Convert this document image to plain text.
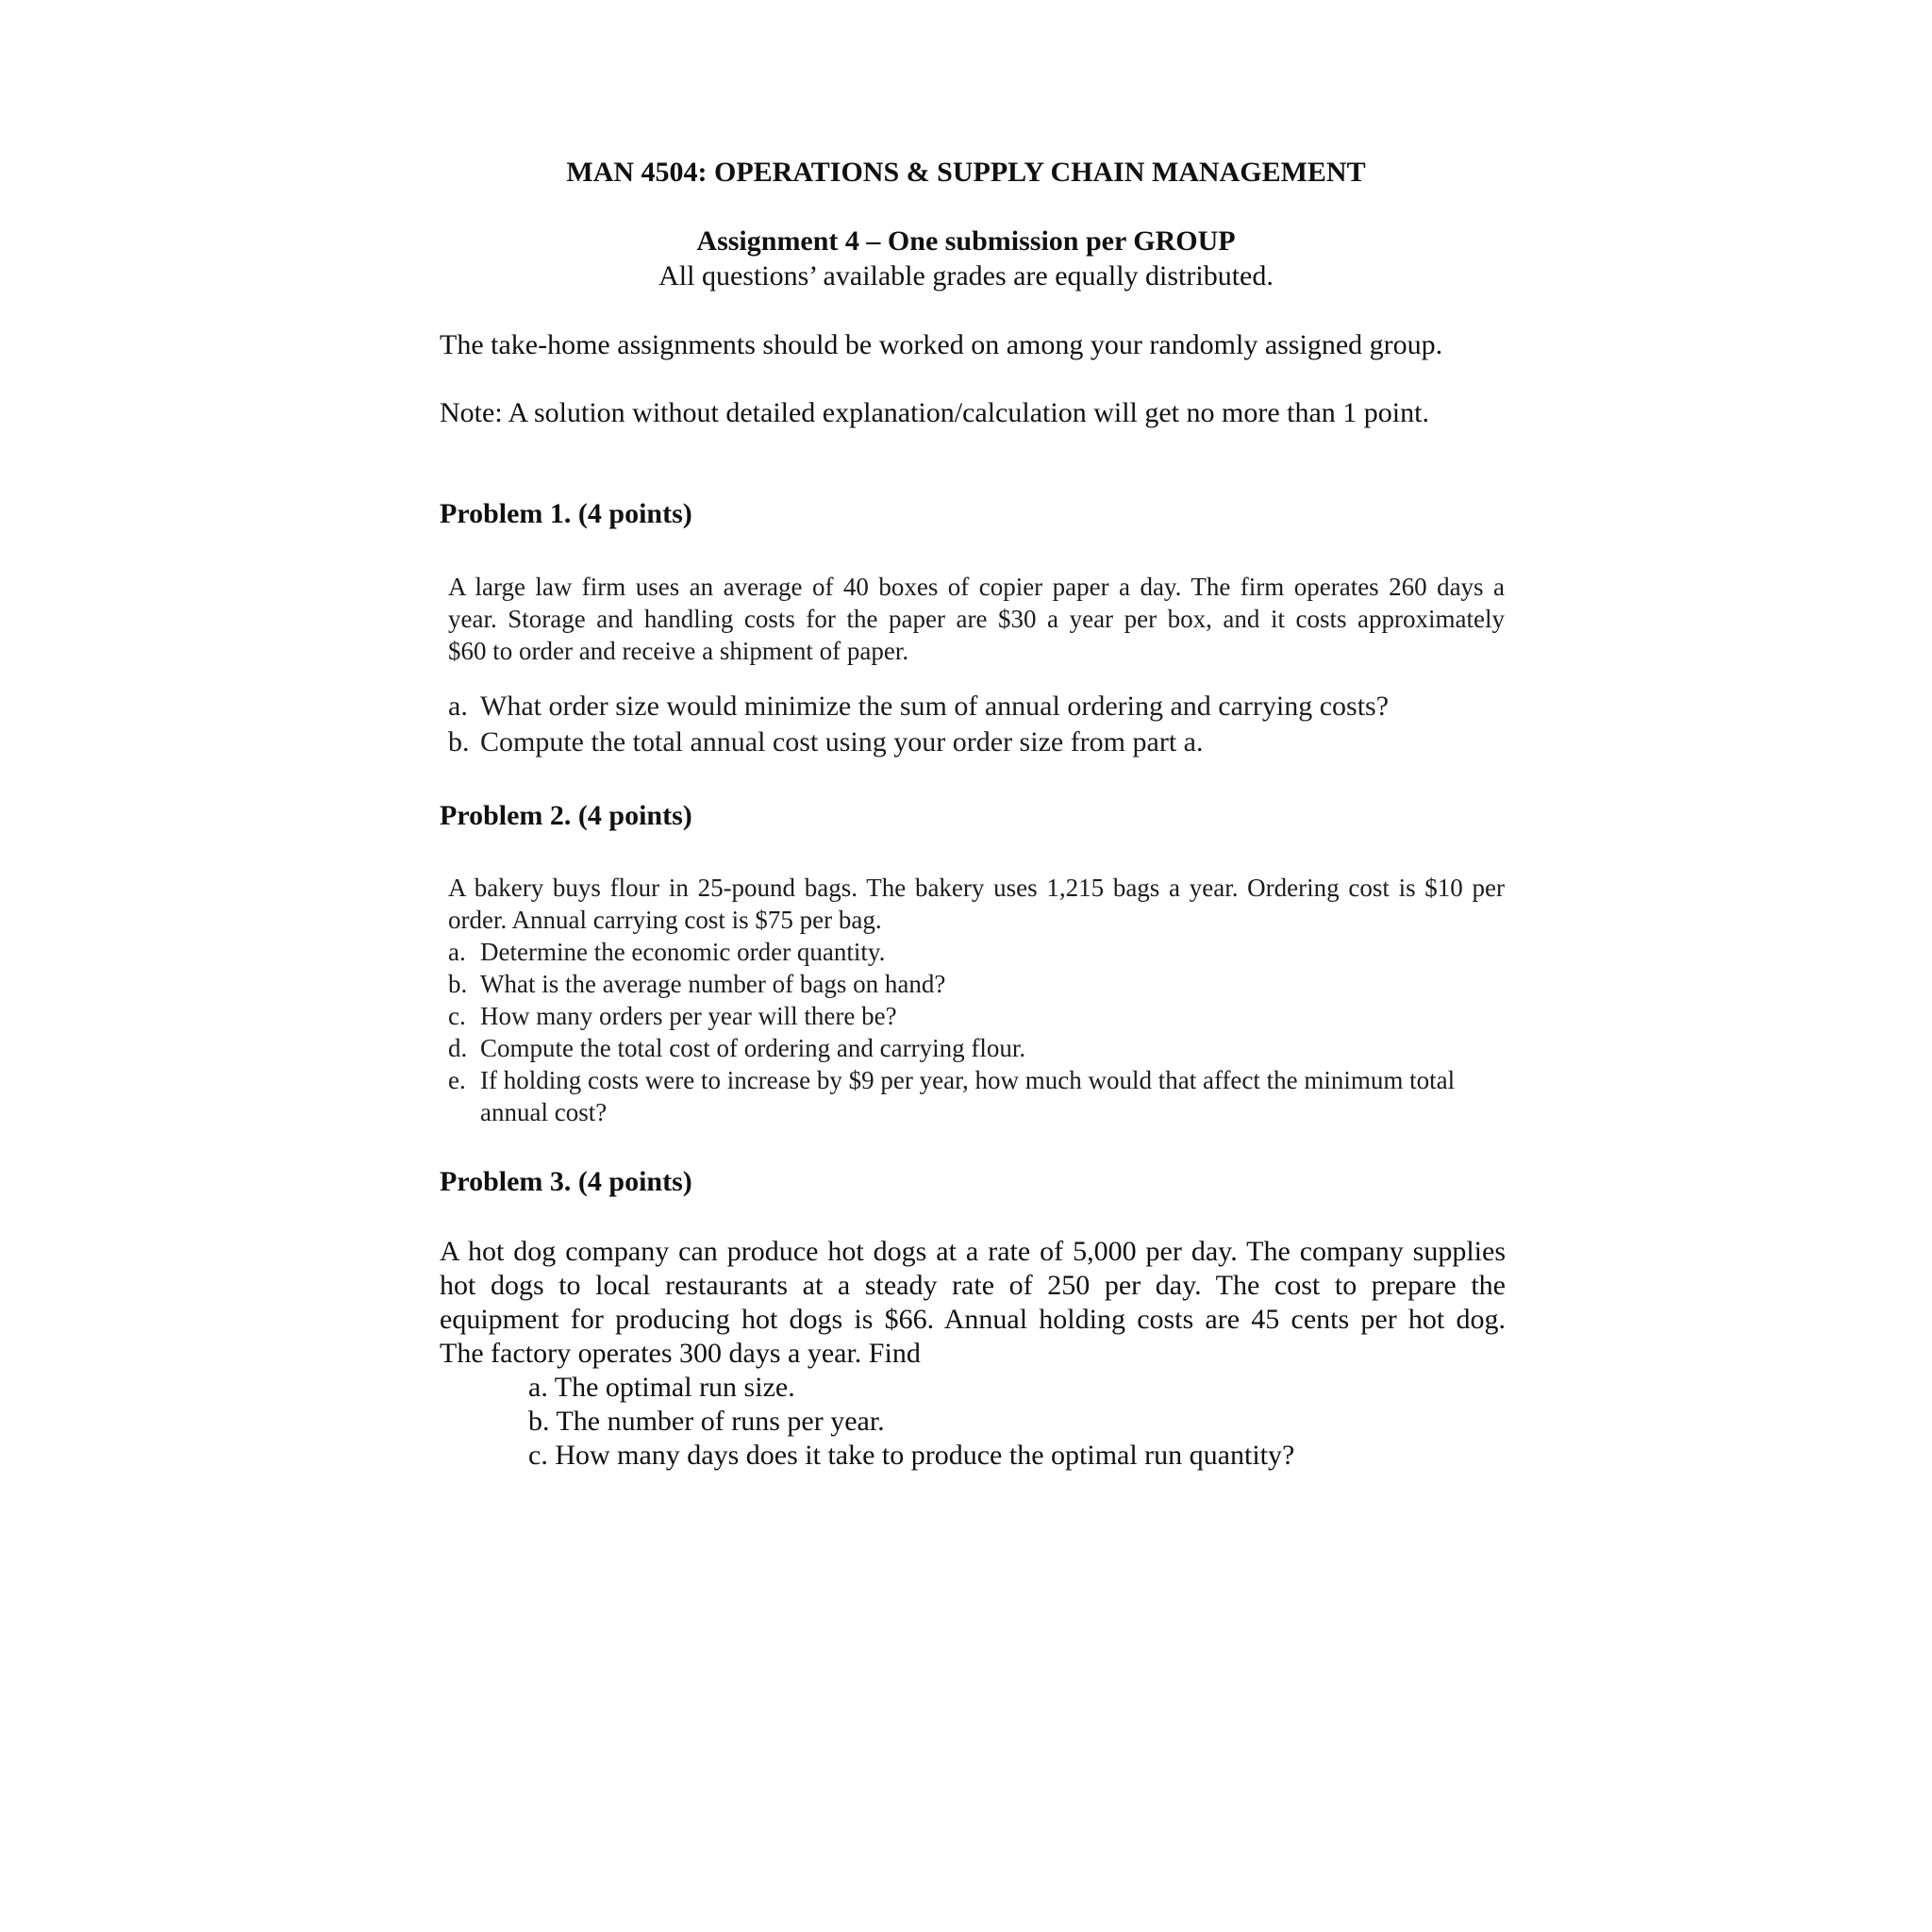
MAN 4504: OPERATIONS & SUPPLY CHAIN MANAGEMENT
Assignment 4 – One submission per GROUP
All questions’ available grades are equally distributed.

The take-home assignments should be worked on among your randomly assigned group.

Note: A solution without detailed explanation/calculation will get no more than 1 point.

Problem 1. (4 points)
A large law firm uses an average of 40 boxes of copier paper a day. The firm operates 260 days a
year. Storage and handling costs for the paper are $30 a year per box, and it costs approximately
$60 to order and receive a shipment of paper.
a. What order size would minimize the sum of annual ordering and carrying costs?
b. Compute the total annual cost using your order size from part a.
Problem 2. (4 points)
A bakery buys flour in 25-pound bags. The bakery uses 1,215 bags a year. Ordering cost is $10 per
order. Annual carrying cost is $75 per bag.
a. Determine the economic order quantity.
b. What is the average number of bags on hand?
c. How many orders per year will there be?
d. Compute the total cost of ordering and carrying flour.
e. If holding costs were to increase by $9 per year, how much would that affect the minimum total
annual cost?
Problem 3. (4 points)
A hot dog company can produce hot dogs at a rate of 5,000 per day. The company supplies
hot dogs to local restaurants at a steady rate of 250 per day. The cost to prepare the
equipment for producing hot dogs is $66. Annual holding costs are 45 cents per hot dog.
The factory operates 300 days a year. Find
a. The optimal run size.
b. The number of runs per year.
c. How many days does it take to produce the optimal run quantity?
